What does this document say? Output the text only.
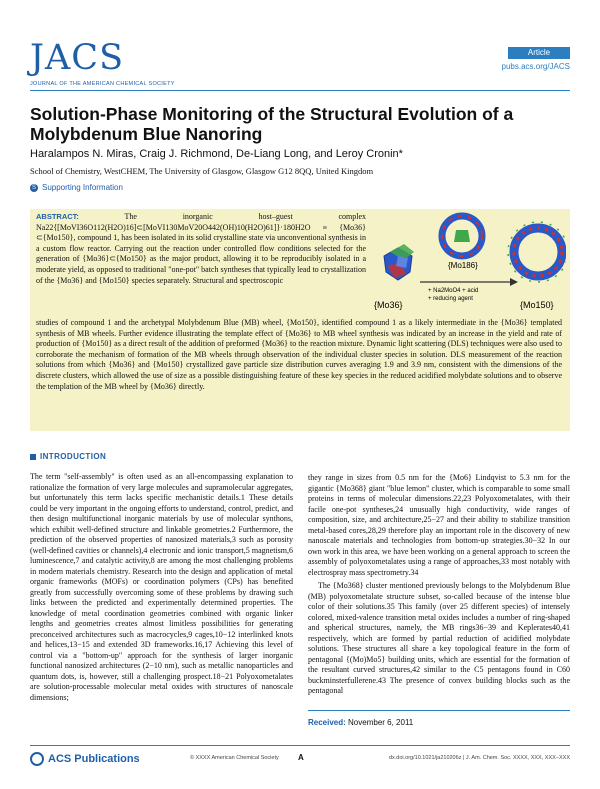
Article
JACS
JOURNAL OF THE AMERICAN CHEMICAL SOCIETY
pubs.acs.org/JACS
Solution-Phase Monitoring of the Structural Evolution of a Molybdenum Blue Nanoring
Haralampos N. Miras, Craig J. Richmond, De-Liang Long, and Leroy Cronin*
School of Chemistry, WestCHEM, The University of Glasgow, Glasgow G12 8QQ, United Kingdom
S Supporting Information
ABSTRACT:	The inorganic host–guest complex Na22{[MoVI36O112(H2O)16]⊂[MoVI130MoV20O442(OH)10(H2O)61]}·180H2O ≡ {Mo36}⊂{Mo150}, compound 1, has been isolated in its solid crystalline state via unconventional synthesis in a custom flow reactor. Carrying out the reaction under controlled flow conditions selected for the generation of {Mo36}⊂{Mo150} as the major product, allowing it to be reproducibly isolated in a moderate yield, as opposed to traditional "one-pot" batch syntheses that typically lead to crystallization of the {Mo36} and {Mo150} species separately. Structural and spectroscopic
studies of compound 1 and the archetypal Molybdenum Blue (MB) wheel, {Mo150}, identified compound 1 as a likely intermediate in the {Mo36} templated synthesis of MB wheels. Further evidence illustrating the template effect of {Mo36} to MB wheel synthesis was indicated by an increase in the yield and rate of production of {Mo150} as a direct result of the addition of preformed {Mo36} to the reaction mixture. Dynamic light scattering (DLS) techniques were also used to corroborate the mechanism of formation of the MB wheels through observation of the individual cluster species in solution. DLS measurement of the reaction solutions from which {Mo36} and {Mo150} crystallized gave particle size distribution curves averaging 1.9 and 3.9 nm, consistent with the dimensions of the discrete clusters, which allowed the use of size as a possible distinguishing feature of these key species in the reduced acidified molybdate solutions and to observe the templation of the MB wheel by {Mo36} directly.
{Mo36}
{Mo186}
+ Na2MoO4 + acid
+ reducing agent
{Mo150}
INTRODUCTION

The term "self-assembly" is often used as an all-encompassing explanation to rationalize the formation of very large molecules and supramolecular aggregates, but unfortunately this term lacks specific mechanistic details.1 These details could be very important in the ongoing efforts to understand, control, predict, and then design multifunctional inorganic materials by use of molecular synthons, which exhibit well-defined structure and linkable geometries.2 Furthermore, the prediction of the observed properties of nanosized materials,3 such as porosity (well-defined cavities or channels),4 electronic and ionic transport,5 magnetism,6 luminescence,7 and catalytic activity,8 are among the most challenging problems in modern materials chemistry. Research into the design and application of metal organic frameworks (MOFs) or coordination polymers (CPs) has benefited greatly from successfully overcoming some of these problems by drawing such links between the predicted and experimentally determined properties. The knowledge of metal coordination geometries combined with organic linker lengths and geometries creates almost limitless possibilities for generating preconceived architectures such as macrocycles,9 cages,10−12 interlinked knots and helices,13−15 and extended 3D frameworks.16,17 Achieving this level of control via a "bottom-up" approach for the synthesis of larger inorganic functional nanosized architectures (2−10 nm), such as metallic nanoparticles and quantum dots, is, however, still a challenging prospect.18−21 Polyoxometalates are solution-processable molecular metal oxides with structures of nanoscale dimensions;

they range in sizes from 0.5 nm for the {Mo6} Lindqvist to 5.3 nm for the gigantic {Mo368} giant "blue lemon" cluster, which is comparable to some small proteins in terms of molecular dimensions.22,23 Polyoxometalates, with their facile one-pot syntheses,24 unusually high conductivity, wide ranges of composition, size, and architecture,25−27 and their ability to stabilize transition metal-based cores,28,29 therefore play an important role in the discovery of new nanoscale materials and technologies from bottom-up strategies.30−32 In our own work in this area, we have been working on a general approach to screen the assembly of polyoxometalates using a range of approaches,33 most notably with electrospray mass spectrometry.34

The {Mo368} cluster mentioned previously belongs to the Molybdenum Blue (MB) polyoxometalate structure subset, so-called because of the intense blue color of their solutions.35 This family (over 25 different species) of intensely colored, mixed-valence transition metal oxides includes a number of ring-shaped and spherical structures, namely, the MB rings36−39 and Keplerates40,41 respectively, which are formed by partial reduction of acidified molybdate solutions. These structures all share a key topological feature in the form of pentagonal {(Mo)Mo5} building units, which are essential for the formation of the resultant curved structures,42 similar to the C5 pentagons found in C60 buckminsterfullerene.43 The presence of convex building blocks such as the pentagonal

Received: November 6, 2011
ACS Publications	© XXXX American Chemical Society A	dx.doi.org/10.1021/ja210206z | J. Am. Chem. Soc. XXXX, XXX, XXX−XXX
